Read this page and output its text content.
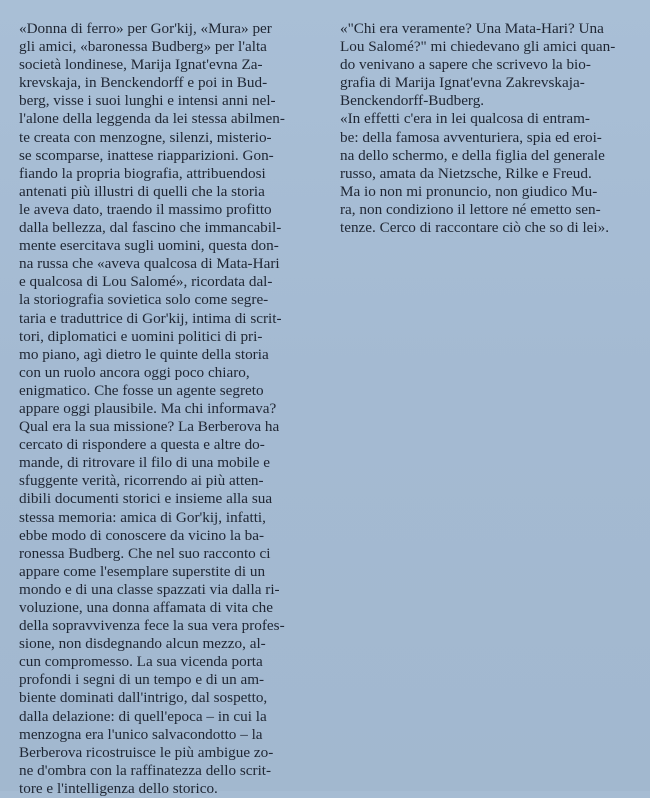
«Donna di ferro» per Gor'kij, «Mura» per
gli amici, «baronessa Budberg» per l'alta
società londinese, Marija Ignat'evna Za-
krevskaja, in Benckendorff e poi in Bud-
berg, visse i suoi lunghi e intensi anni nel-
l'alone della leggenda da lei stessa abilmen-
te creata con menzogne, silenzi, misterio-
se scomparse, inattese riapparizioni. Gon-
fiando la propria biografia, attribuendosi
antenati più illustri di quelli che la storia
le aveva dato, traendo il massimo profitto
dalla bellezza, dal fascino che immancabil-
mente esercitava sugli uomini, questa don-
na russa che «aveva qualcosa di Mata-Hari
e qualcosa di Lou Salomé», ricordata dal-
la storiografia sovietica solo come segre-
taria e traduttrice di Gor'kij, intima di scrit-
tori, diplomatici e uomini politici di pri-
mo piano, agì dietro le quinte della storia
con un ruolo ancora oggi poco chiaro,
enigmatico. Che fosse un agente segreto
appare oggi plausibile. Ma chi informava?
Qual era la sua missione? La Berberova ha
cercato di rispondere a questa e altre do-
mande, di ritrovare il filo di una mobile e
sfuggente verità, ricorrendo ai più atten-
dibili documenti storici e insieme alla sua
stessa memoria: amica di Gor'kij, infatti,
ebbe modo di conoscere da vicino la ba-
ronessa Budberg. Che nel suo racconto ci
appare come l'esemplare superstite di un
mondo e di una classe spazzati via dalla ri-
voluzione, una donna affamata di vita che
della sopravvivenza fece la sua vera profes-
sione, non disdegnando alcun mezzo, al-
cun compromesso. La sua vicenda porta
profondi i segni di un tempo e di un am-
biente dominati dall'intrigo, dal sospetto,
dalla delazione: di quell'epoca – in cui la
menzogna era l'unico salvacondotto – la
Berberova ricostruisce le più ambigue zo-
ne d'ombra con la raffinatezza dello scrit-
tore e l'intelligenza dello storico.
«"Chi era veramente? Una Mata-Hari? Una
Lou Salomé?" mi chiedevano gli amici quan-
do venivano a sapere che scrivevo la bio-
grafia di Marija Ignat'evna Zakrevskaja-
Benckendorff-Budberg.
«In effetti c'era in lei qualcosa di entram-
be: della famosa avventuriera, spia ed eroi-
na dello schermo, e della figlia del generale
russo, amata da Nietzsche, Rilke e Freud.
Ma io non mi pronuncio, non giudico Mu-
ra, non condiziono il lettore né emetto sen-
tenze. Cerco di raccontare ciò che so di lei».
